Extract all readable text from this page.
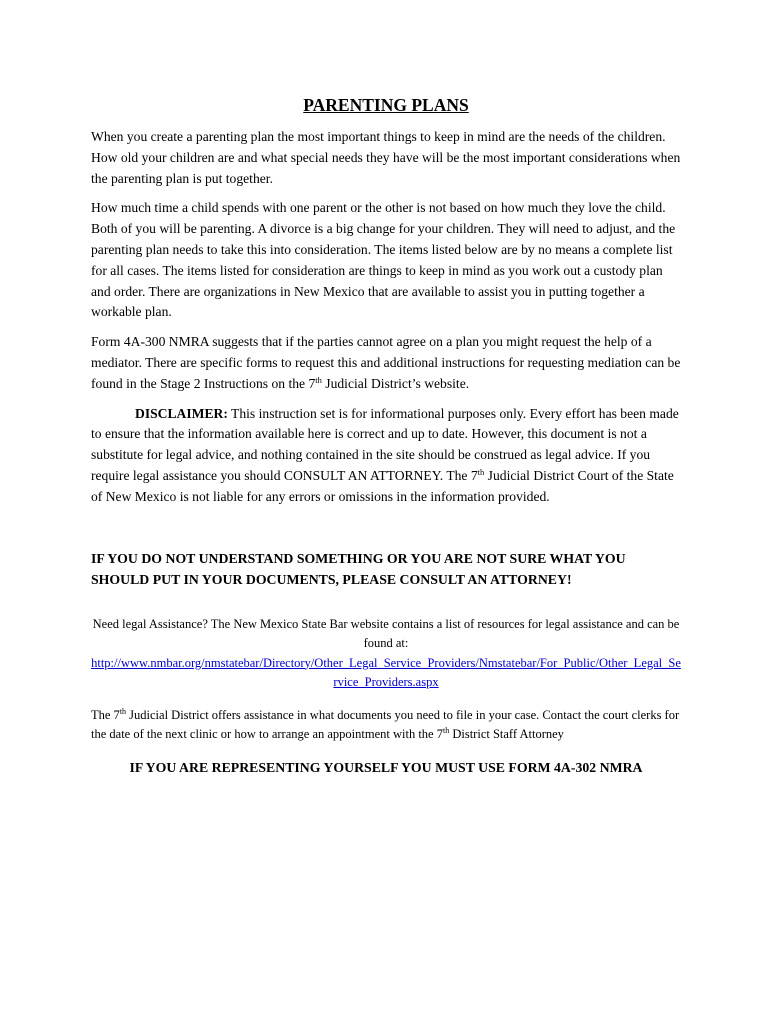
PARENTING PLANS

When you create a parenting plan the most important things to keep in mind are the needs of the children. How old your children are and what special needs they have will be the most important considerations when the parenting plan is put together.

How much time a child spends with one parent or the other is not based on how much they love the child. Both of you will be parenting. A divorce is a big change for your children. They will need to adjust, and the parenting plan needs to take this into consideration. The items listed below are by no means a complete list for all cases. The items listed for consideration are things to keep in mind as you work out a custody plan and order. There are organizations in New Mexico that are available to assist you in putting together a workable plan.

Form 4A-300 NMRA suggests that if the parties cannot agree on a plan you might request the help of a mediator. There are specific forms to request this and additional instructions for requesting mediation can be found in the Stage 2 Instructions on the 7th Judicial District’s website.

DISCLAIMER: This instruction set is for informational purposes only. Every effort has been made to ensure that the information available here is correct and up to date. However, this document is not a substitute for legal advice, and nothing contained in the site should be construed as legal advice. If you require legal assistance you should CONSULT AN ATTORNEY. The 7th Judicial District Court of the State of New Mexico is not liable for any errors or omissions in the information provided.

IF YOU DO NOT UNDERSTAND SOMETHING OR YOU ARE NOT SURE WHAT YOU SHOULD PUT IN YOUR DOCUMENTS, PLEASE CONSULT AN ATTORNEY!

Need legal Assistance? The New Mexico State Bar website contains a list of resources for legal assistance and can be found at:
http://www.nmbar.org/nmstatebar/Directory/Other_Legal_Service_Providers/Nmstatebar/For_Public/Other_Legal_Service_Providers.aspx

The 7th Judicial District offers assistance in what documents you need to file in your case. Contact the court clerks for the date of the next clinic or how to arrange an appointment with the 7th District Staff Attorney

IF YOU ARE REPRESENTING YOURSELF YOU MUST USE FORM 4A-302 NMRA
